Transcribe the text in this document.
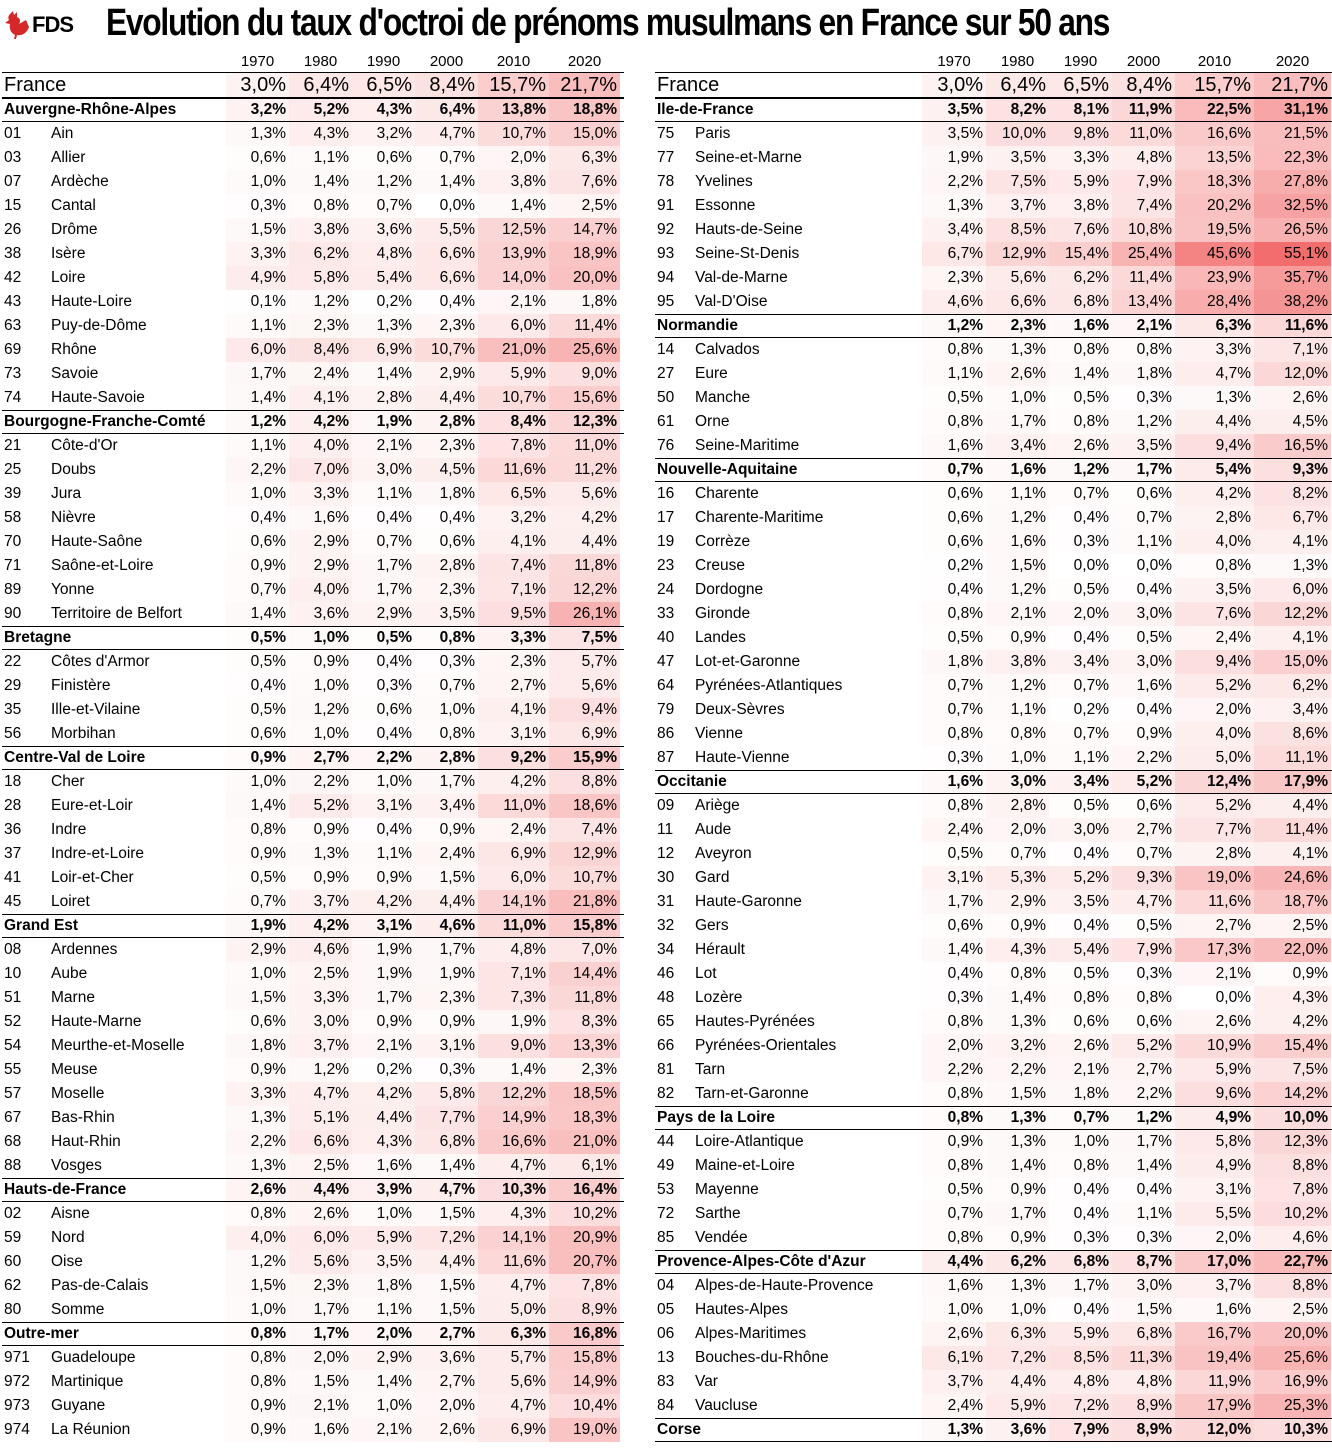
FDS Evolution du taux d'octroi de prénoms musulmans en France sur 50 ans
1970	1980	1990	2000	2010	2020
France	3,0% 6,4% 6,5% 8,4% 15,7% 21,7%
Auvergne-Rhône-Alpes	3,2%	5,2%	4,3%	6,4%	13,8%	18,8%
01 Ain	1,3%	4,3%	3,2%	4,7%	10,7%	15,0%
03 Allier	0,6%	1,1%	0,6%	0,7%	2,0%	6,3%
07 Ardèche	1,0%	1,4%	1,2%	1,4%	3,8%	7,6%
15 Cantal	0,3%	0,8%	0,7%	0,0%	1,4%	2,5%
26 Drôme	1,5%	3,8%	3,6%	5,5%	12,5%	14,7%
38 Isère	3,3%	6,2%	4,8%	6,6%	13,9%	18,9%
42 Loire	4,9%	5,8%	5,4%	6,6%	14,0%	20,0%
43 Haute-Loire	0,1%	1,2%	0,2%	0,4%	2,1%	1,8%
63 Puy-de-Dôme	1,1%	2,3%	1,3%	2,3%	6,0%	11,4%
69 Rhône	6,0%	8,4%	6,9%	10,7%	21,0%	25,6%
73 Savoie	1,7%	2,4%	1,4%	2,9%	5,9%	9,0%
74 Haute-Savoie	1,4%	4,1%	2,8%	4,4%	10,7%	15,6%
Bourgogne-Franche-Comté	1,2%	4,2%	1,9%	2,8%	8,4%	12,3%
21 Côte-d'Or	1,1%	4,0%	2,1%	2,3%	7,8%	11,0%
25 Doubs	2,2%	7,0%	3,0%	4,5%	11,6%	11,2%
39 Jura	1,0%	3,3%	1,1%	1,8%	6,5%	5,6%
58 Nièvre	0,4%	1,6%	0,4%	0,4%	3,2%	4,2%
70 Haute-Saône	0,6%	2,9%	0,7%	0,6%	4,1%	4,4%
71 Saône-et-Loire	0,9%	2,9%	1,7%	2,8%	7,4%	11,8%
89 Yonne	0,7%	4,0%	1,7%	2,3%	7,1%	12,2%
90 Territoire de Belfort	1,4%	3,6%	2,9%	3,5%	9,5%	26,1%
Bretagne	0,5%	1,0%	0,5%	0,8%	3,3%	7,5%
22 Côtes d'Armor	0,5%	0,9%	0,4%	0,3%	2,3%	5,7%
29 Finistère	0,4%	1,0%	0,3%	0,7%	2,7%	5,6%
35 Ille-et-Vilaine	0,5%	1,2%	0,6%	1,0%	4,1%	9,4%
56 Morbihan	0,6%	1,0%	0,4%	0,8%	3,1%	6,9%
Centre-Val de Loire	0,9%	2,7%	2,2%	2,8%	9,2%	15,9%
18 Cher	1,0%	2,2%	1,0%	1,7%	4,2%	8,8%
28 Eure-et-Loir	1,4%	5,2%	3,1%	3,4%	11,0%	18,6%
36 Indre	0,8%	0,9%	0,4%	0,9%	2,4%	7,4%
37 Indre-et-Loire	0,9%	1,3%	1,1%	2,4%	6,9%	12,9%
41 Loir-et-Cher	0,5%	0,9%	0,9%	1,5%	6,0%	10,7%
45 Loiret	0,7%	3,7%	4,2%	4,4%	14,1%	21,8%
Grand Est	1,9%	4,2%	3,1%	4,6%	11,0%	15,8%
08 Ardennes	2,9%	4,6%	1,9%	1,7%	4,8%	7,0%
10 Aube	1,0%	2,5%	1,9%	1,9%	7,1%	14,4%
51 Marne	1,5%	3,3%	1,7%	2,3%	7,3%	11,8%
52 Haute-Marne	0,6%	3,0%	0,9%	0,9%	1,9%	8,3%
54 Meurthe-et-Moselle	1,8%	3,7%	2,1%	3,1%	9,0%	13,3%
55 Meuse	0,9%	1,2%	0,2%	0,3%	1,4%	2,3%
57 Moselle	3,3%	4,7%	4,2%	5,8%	12,2%	18,5%
67 Bas-Rhin	1,3%	5,1%	4,4%	7,7%	14,9%	18,3%
68 Haut-Rhin	2,2%	6,6%	4,3%	6,8%	16,6%	21,0%
88 Vosges	1,3%	2,5%	1,6%	1,4%	4,7%	6,1%
Hauts-de-France	2,6%	4,4%	3,9%	4,7%	10,3%	16,4%
02 Aisne	0,8%	2,6%	1,0%	1,5%	4,3%	10,2%
59 Nord	4,0%	6,0%	5,9%	7,2%	14,1%	20,9%
60 Oise	1,2%	5,6%	3,5%	4,4%	11,6%	20,7%
62 Pas-de-Calais	1,5%	2,3%	1,8%	1,5%	4,7%	7,8%
80 Somme	1,0%	1,7%	1,1%	1,5%	5,0%	8,9%
Outre-mer	0,8%	1,7%	2,0%	2,7%	6,3%	16,8%
971 Guadeloupe	0,8%	2,0%	2,9%	3,6%	5,7%	15,8%
972 Martinique	0,8%	1,5%	1,4%	2,7%	5,6%	14,9%
973 Guyane	0,9%	2,1%	1,0%	2,0%	4,7%	10,4%
974 La Réunion	0,9%	1,6%	2,1%	2,6%	6,9%	19,0%
1970	1980	1990	2000	2010	2020
France	3,0% 6,4% 6,5% 8,4%	15,7%	21,7%
Ile-de-France	3,5%	8,2%	8,1%	11,9%	22,5%	31,1%
75 Paris	3,5%	10,0%	9,8%	11,0%	16,6%	21,5%
77 Seine-et-Marne	1,9%	3,5%	3,3%	4,8%	13,5%	22,3%
78 Yvelines	2,2%	7,5%	5,9%	7,9%	18,3%	27,8%
91 Essonne	1,3%	3,7%	3,8%	7,4%	20,2%	32,5%
92 Hauts-de-Seine	3,4%	8,5%	7,6%	10,8%	19,5%	26,5%
93 Seine-St-Denis	6,7%	12,9%	15,4%	25,4%	45,6%	55,1%
94 Val-de-Marne	2,3%	5,6%	6,2%	11,4%	23,9%	35,7%
95 Val-D'Oise	4,6%	6,6%	6,8%	13,4%	28,4%	38,2%
Normandie	1,2%	2,3%	1,6%	2,1%	6,3%	11,6%
14 Calvados	0,8%	1,3%	0,8%	0,8%	3,3%	7,1%
27 Eure	1,1%	2,6%	1,4%	1,8%	4,7%	12,0%
50 Manche	0,5%	1,0%	0,5%	0,3%	1,3%	2,6%
61 Orne	0,8%	1,7%	0,8%	1,2%	4,4%	4,5%
76 Seine-Maritime	1,6%	3,4%	2,6%	3,5%	9,4%	16,5%
Nouvelle-Aquitaine	0,7%	1,6%	1,2%	1,7%	5,4%	9,3%
16 Charente	0,6%	1,1%	0,7%	0,6%	4,2%	8,2%
17 Charente-Maritime	0,6%	1,2%	0,4%	0,7%	2,8%	6,7%
19 Corrèze	0,6%	1,6%	0,3%	1,1%	4,0%	4,1%
23 Creuse	0,2%	1,5%	0,0%	0,0%	0,8%	1,3%
24 Dordogne	0,4%	1,2%	0,5%	0,4%	3,5%	6,0%
33 Gironde	0,8%	2,1%	2,0%	3,0%	7,6%	12,2%
40 Landes	0,5%	0,9%	0,4%	0,5%	2,4%	4,1%
47 Lot-et-Garonne	1,8%	3,8%	3,4%	3,0%	9,4%	15,0%
64 Pyrénées-Atlantiques	0,7%	1,2%	0,7%	1,6%	5,2%	6,2%
79 Deux-Sèvres	0,7%	1,1%	0,2%	0,4%	2,0%	3,4%
86 Vienne	0,8%	0,8%	0,7%	0,9%	4,0%	8,6%
87 Haute-Vienne	0,3%	1,0%	1,1%	2,2%	5,0%	11,1%
Occitanie	1,6%	3,0%	3,4%	5,2%	12,4%	17,9%
09 Ariège	0,8%	2,8%	0,5%	0,6%	5,2%	4,4%
11 Aude	2,4%	2,0%	3,0%	2,7%	7,7%	11,4%
12 Aveyron	0,5%	0,7%	0,4%	0,7%	2,8%	4,1%
30 Gard	3,1%	5,3%	5,2%	9,3%	19,0%	24,6%
31 Haute-Garonne	1,7%	2,9%	3,5%	4,7%	11,6%	18,7%
32 Gers	0,6%	0,9%	0,4%	0,5%	2,7%	2,5%
34 Hérault	1,4%	4,3%	5,4%	7,9%	17,3%	22,0%
46 Lot	0,4%	0,8%	0,5%	0,3%	2,1%	0,9%
48 Lozère	0,3%	1,4%	0,8%	0,8%	0,0%	4,3%
65 Hautes-Pyrénées	0,8%	1,3%	0,6%	0,6%	2,6%	4,2%
66 Pyrénées-Orientales	2,0%	3,2%	2,6%	5,2%	10,9%	15,4%
81 Tarn	2,2%	2,2%	2,1%	2,7%	5,9%	7,5%
82 Tarn-et-Garonne	0,8%	1,5%	1,8%	2,2%	9,6%	14,2%
Pays de la Loire	0,8%	1,3%	0,7%	1,2%	4,9%	10,0%
44 Loire-Atlantique	0,9%	1,3%	1,0%	1,7%	5,8%	12,3%
49 Maine-et-Loire	0,8%	1,4%	0,8%	1,4%	4,9%	8,8%
53 Mayenne	0,5%	0,9%	0,4%	0,4%	3,1%	7,8%
72 Sarthe	0,7%	1,7%	0,4%	1,1%	5,5%	10,2%
85 Vendée	0,8%	0,9%	0,3%	0,3%	2,0%	4,6%
Provence-Alpes-Côte d'Azur	4,4%	6,2%	6,8%	8,7%	17,0%	22,7%
04 Alpes-de-Haute-Provence	1,6%	1,3%	1,7%	3,0%	3,7%	8,8%
05 Hautes-Alpes	1,0%	1,0%	0,4%	1,5%	1,6%	2,5%
06 Alpes-Maritimes	2,6%	6,3%	5,9%	6,8%	16,7%	20,0%
13 Bouches-du-Rhône	6,1%	7,2%	8,5%	11,3%	19,4%	25,6%
83 Var	3,7%	4,4%	4,8%	4,8%	11,9%	16,9%
84 Vaucluse	2,4%	5,9%	7,2%	8,9%	17,9%	25,3%
Corse	1,3%	3,6%	7,9%	8,9%	12,0%	10,3%
